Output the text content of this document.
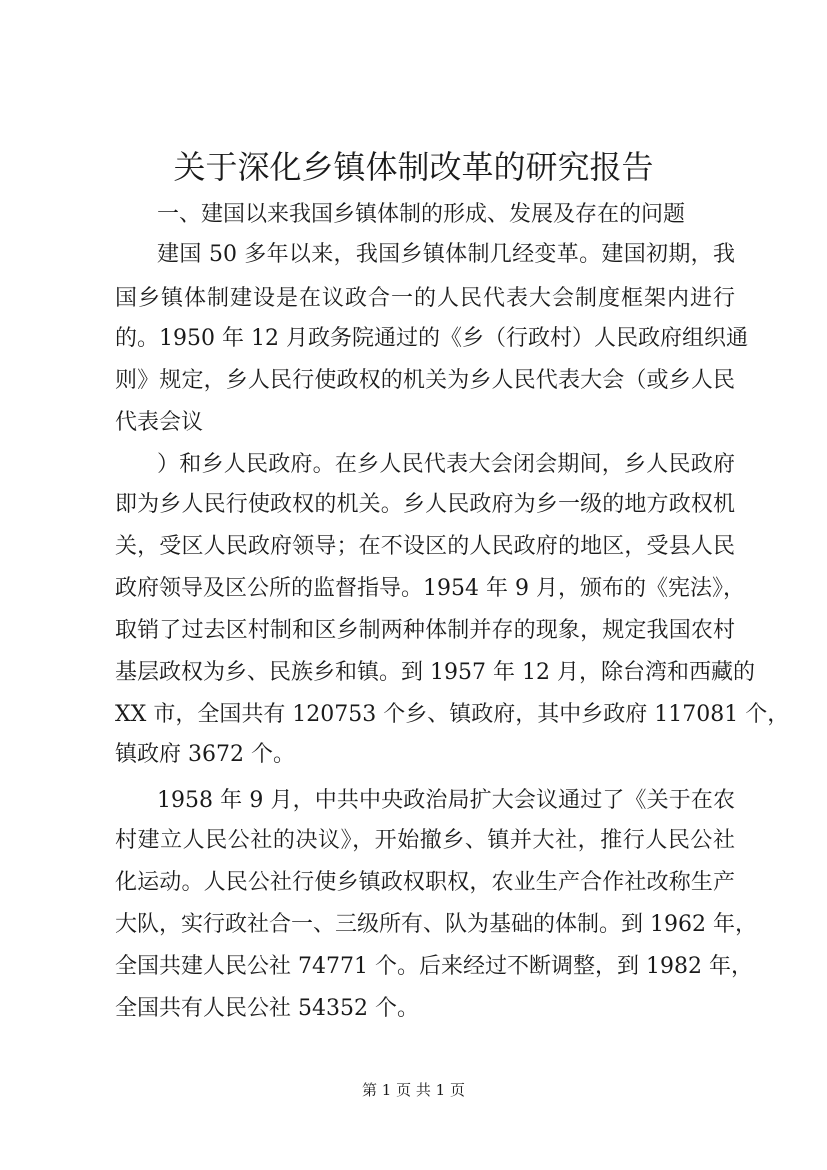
关于深化乡镇体制改革的研究报告
一、建国以来我国乡镇体制的形成、发展及存在的问题
建国 50 多年以来，我国乡镇体制几经变革。建国初期，我
国乡镇体制建设是在议政合一的人民代表大会制度框架内进行
的。1950 年 12 月政务院通过的《乡（行政村）人民政府组织通
则》规定，乡人民行使政权的机关为乡人民代表大会（或乡人民
代表会议
）和乡人民政府。在乡人民代表大会闭会期间，乡人民政府
即为乡人民行使政权的机关。乡人民政府为乡一级的地方政权机
关，受区人民政府领导；在不设区的人民政府的地区，受县人民
政府领导及区公所的监督指导。1954 年 9 月，颁布的《宪法》，
取销了过去区村制和区乡制两种体制并存的现象，规定我国农村
基层政权为乡、民族乡和镇。到 1957 年 12 月，除台湾和西藏的
XX 市，全国共有 120753 个乡、镇政府，其中乡政府 117081 个，
镇政府 3672 个。
1958 年 9 月，中共中央政治局扩大会议通过了《关于在农
村建立人民公社的决议》，开始撤乡、镇并大社，推行人民公社
化运动。人民公社行使乡镇政权职权，农业生产合作社改称生产
大队，实行政社合一、三级所有、队为基础的体制。到 1962 年，
全国共建人民公社 74771 个。后来经过不断调整，到 1982 年，
全国共有人民公社 54352 个。
第 1 页 共 1 页
